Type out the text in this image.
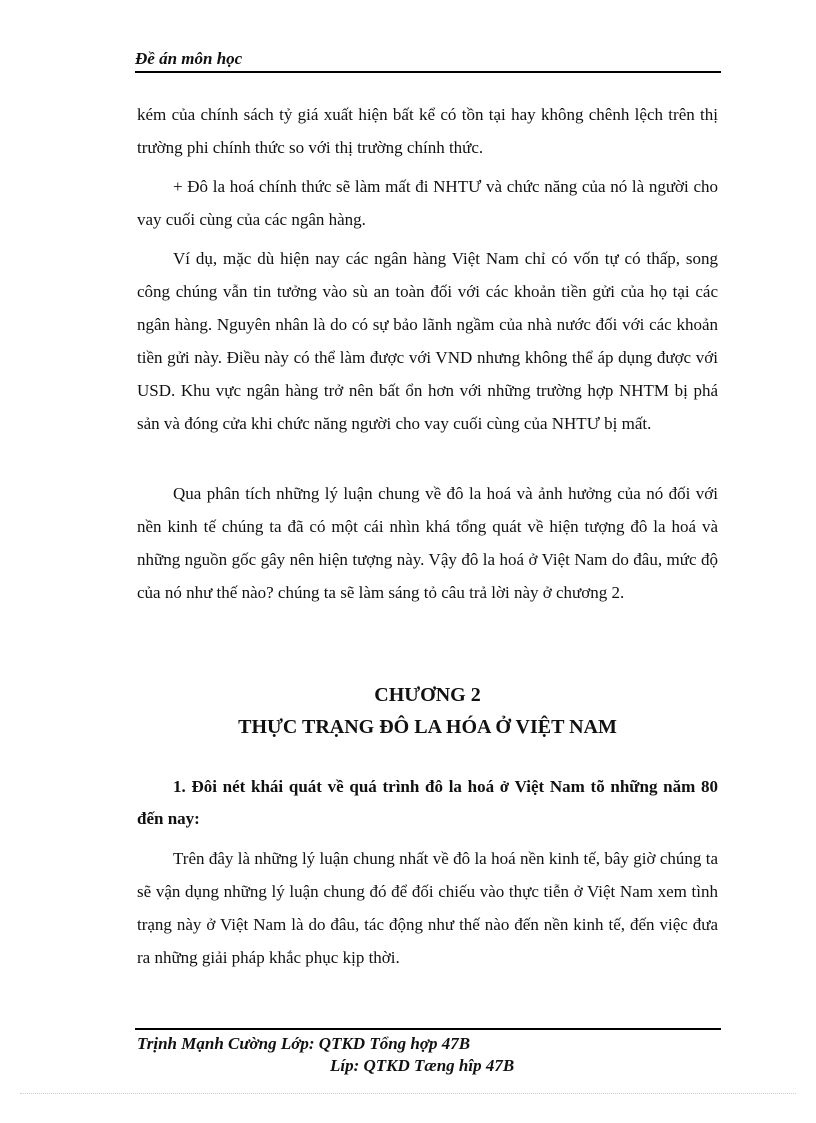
Đề án môn học

kém của chính sách tỷ giá xuất hiện bất kể có tồn tại hay không chênh lệch trên thị trường phi chính thức so với thị trường chính thức.

+ Đô la hoá chính thức sẽ làm mất đi NHTƯ và chức năng của nó là người cho vay cuối cùng của các ngân hàng.

Ví dụ, mặc dù hiện nay các ngân hàng Việt Nam chỉ có vốn tự có thấp, song công chúng vẫn tin tưởng vào sù an toàn đối với các khoản tiền gửi của họ tại các ngân hàng. Nguyên nhân là do có sự bảo lãnh ngầm của nhà nước đối với các khoản tiền gửi này. Điều này có thể làm được với VND nhưng không thể áp dụng được với USD. Khu vực ngân hàng trở nên bất ổn hơn với những trường hợp NHTM bị phá sản và đóng cửa khi chức năng người cho vay cuối cùng của NHTƯ bị mất.

Qua phân tích những lý luận chung về đô la hoá và ảnh hưởng của nó đối với nền kinh tế chúng ta đã có một cái nhìn khá tổng quát về hiện tượng đô la hoá và những nguồn gốc gây nên hiện tượng này. Vậy đô la hoá ở Việt Nam do đâu, mức độ của nó như thế nào? chúng ta sẽ làm sáng tỏ câu trả lời này ở chương 2.

CHƯƠNG 2

THỰC TRẠNG ĐÔ LA HÓA Ở VIỆT NAM

1. Đôi nét khái quát về quá trình đô la hoá ở Việt Nam tõ những năm 80 đến nay:

Trên đây là những lý luận chung nhất về đô la hoá nền kinh tế, bây giờ chúng ta sẽ vận dụng những lý luận chung đó để đối chiếu vào thực tiễn ở Việt Nam xem tình trạng này ở Việt Nam là do đâu, tác động như thế nào đến nền kinh tế, đến việc đưa ra những giải pháp khắc phục kịp thời.

Trịnh Mạnh Cường Lớp: QTKD Tổng hợp 47B
Líp: QTKD Tæng hîp 47B
